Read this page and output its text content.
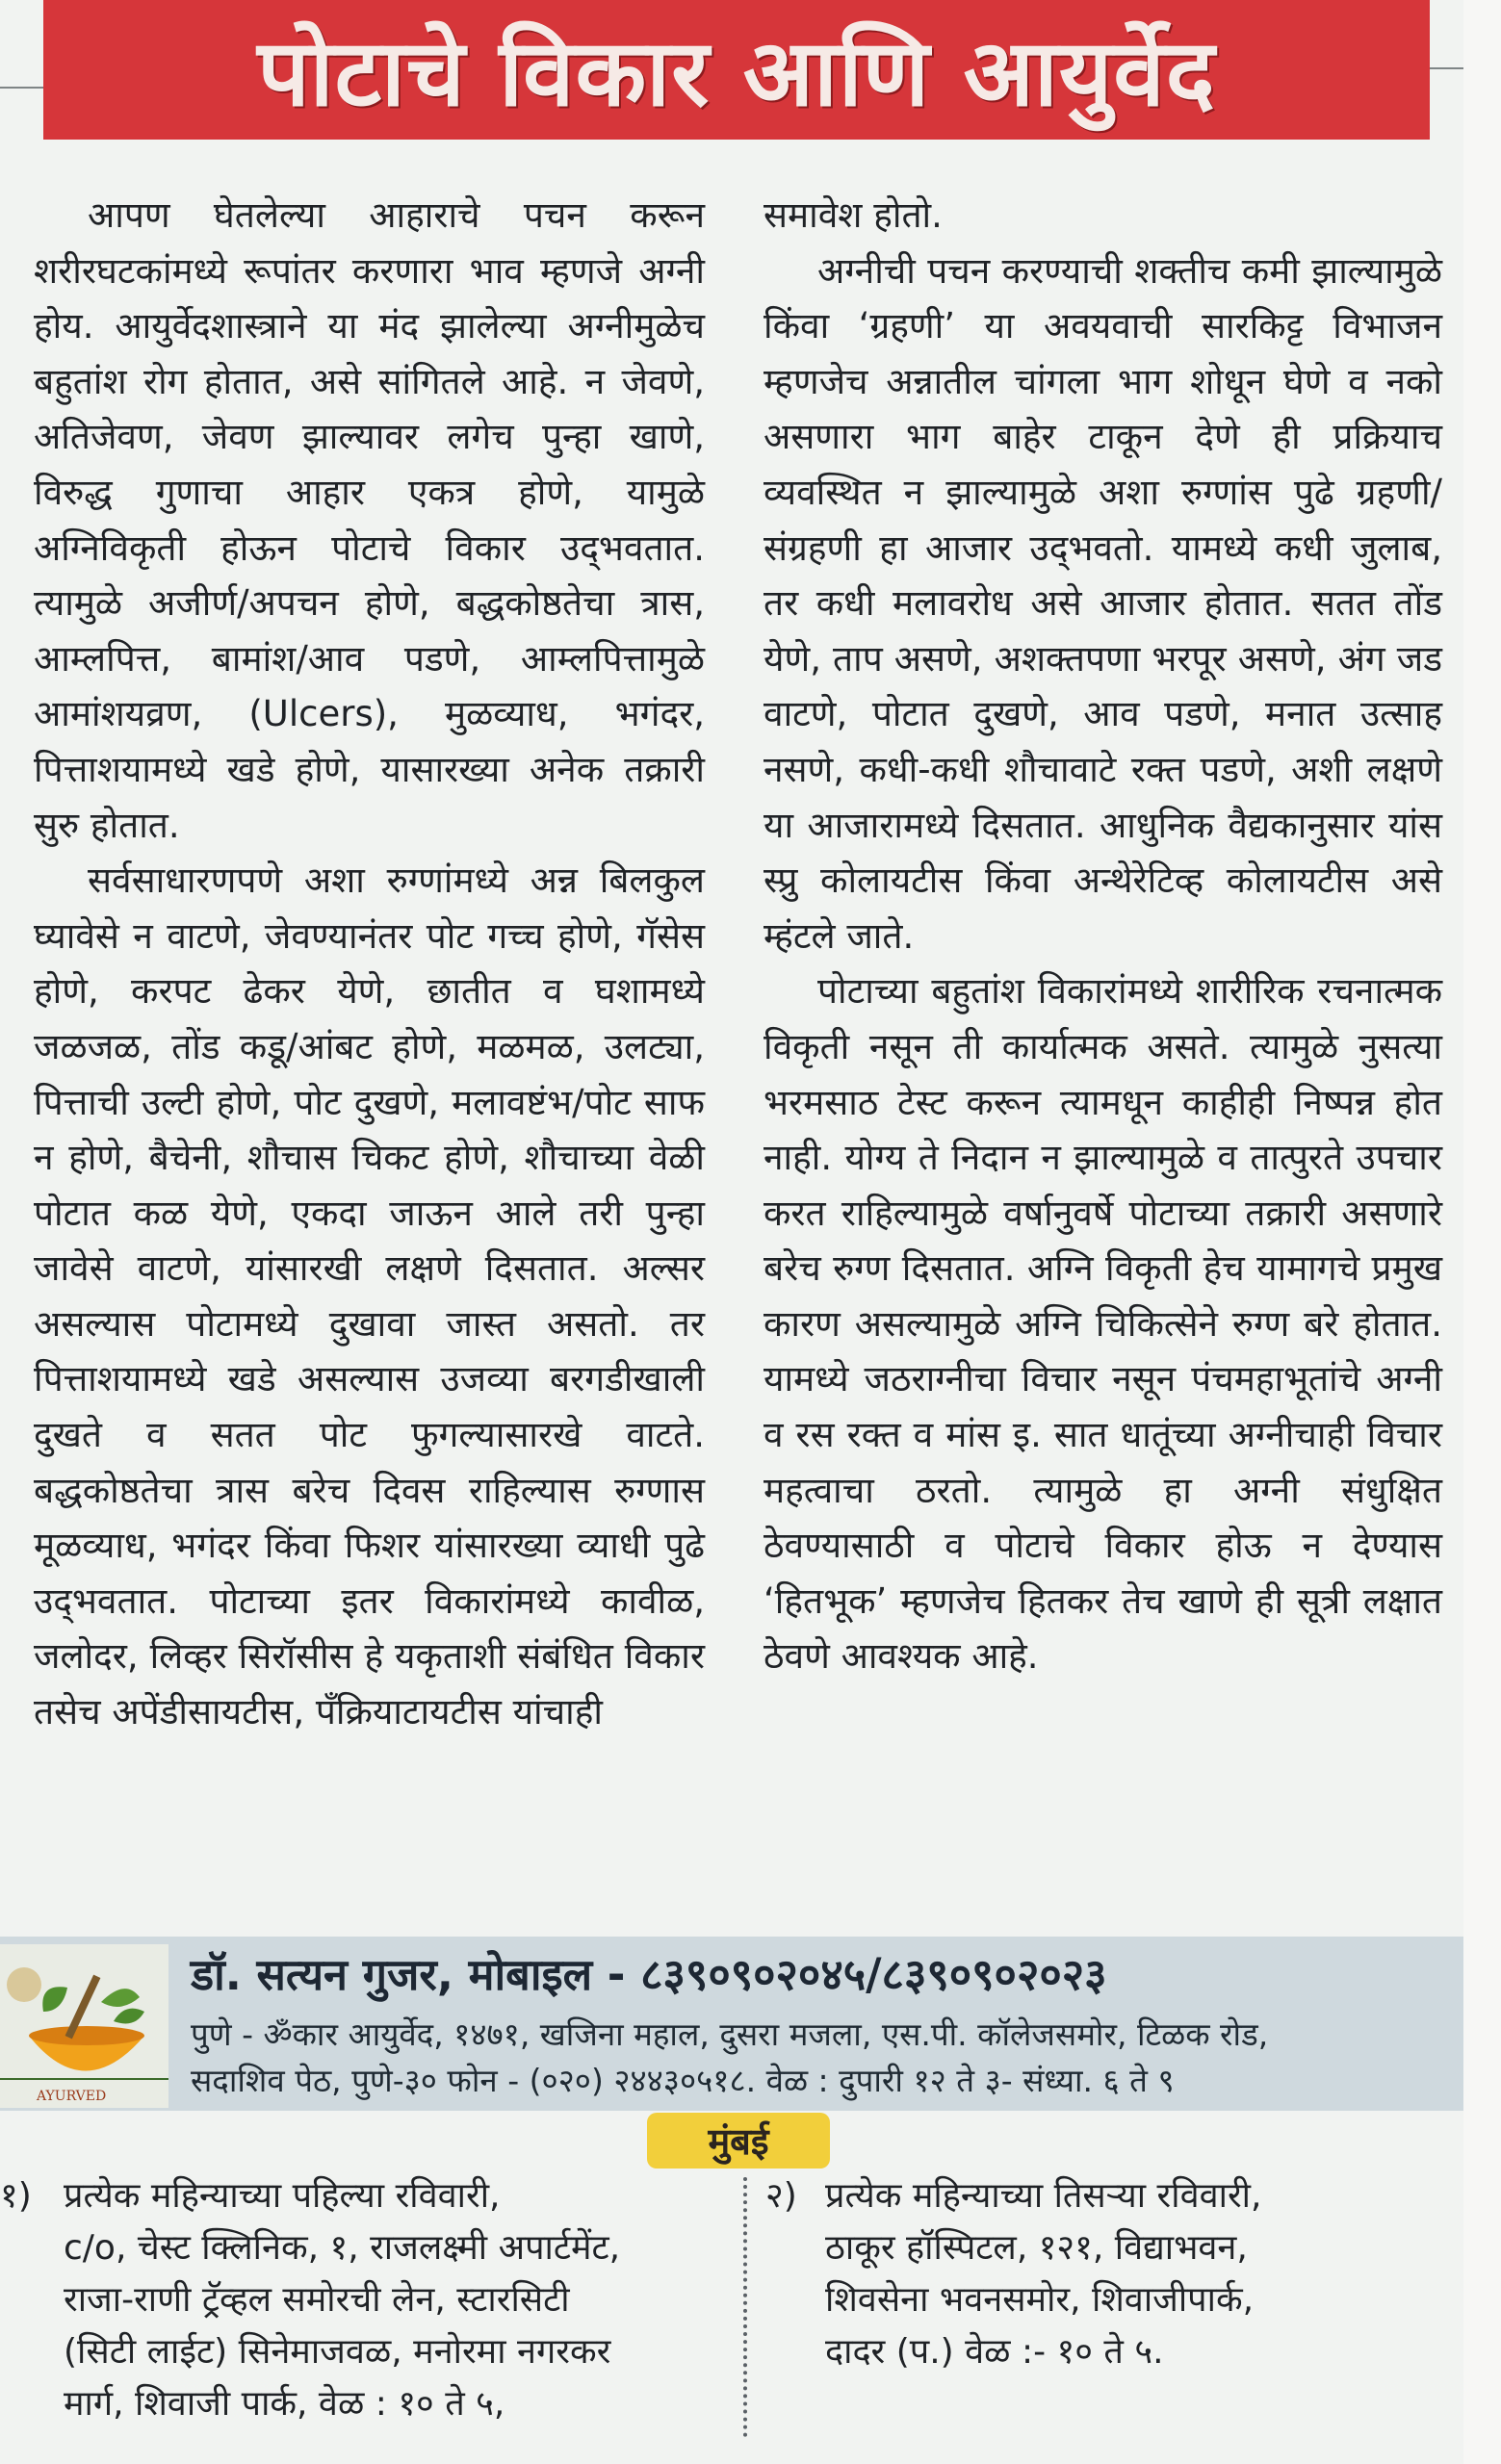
पोटाचे विकार आणि आयुर्वेद

आपण घेतलेल्या आहाराचे पचन करून शरीरघटकांमध्ये रूपांतर करणारा भाव म्हणजे अग्नी होय. आयुर्वेदशास्त्राने या मंद झालेल्या अग्नीमुळेच बहुतांश रोग होतात, असे सांगितले आहे. न जेवणे, अतिजेवण, जेवण झाल्यावर लगेच पुन्हा खाणे, विरुद्ध गुणाचा आहार एकत्र होणे, यामुळे अग्निविकृती होऊन पोटाचे विकार उद्‌भवतात. त्यामुळे अजीर्ण/अपचन होणे, बद्धकोष्ठतेचा त्रास, आम्लपित्त, बामांश/आव पडणे, आम्लपित्तामुळे आमांशयव्रण, (Ulcers), मुळव्याध, भगंदर, पित्ताशयामध्ये खडे होणे, यासारख्या अनेक तक्रारी सुरु होतात.

सर्वसाधारणपणे अशा रुग्णांमध्ये अन्न बिलकुल घ्यावेसे न वाटणे, जेवण्यानंतर पोट गच्च होणे, गॅसेस होणे, करपट ढेकर येणे, छातीत व घशामध्ये जळजळ, तोंड कडू/आंबट होणे, मळमळ, उलट्या, पित्ताची उल्टी होणे, पोट दुखणे, मलावष्टंभ/पोट साफ न होणे, बैचेनी, शौचास चिकट होणे, शौचाच्या वेळी पोटात कळ येणे, एकदा जाऊन आले तरी पुन्हा जावेसे वाटणे, यांसारखी लक्षणे दिसतात. अल्सर असल्यास पोटामध्ये दुखावा जास्त असतो. तर पित्ताशयामध्ये खडे असल्यास उजव्या बरगडीखाली दुखते व सतत पोट फुगल्यासारखे वाटते. बद्धकोष्ठतेचा त्रास बरेच दिवस राहिल्यास रुग्णास मूळव्याध, भगंदर किंवा फिशर यांसारख्या व्याधी पुढे उद्‌भवतात. पोटाच्या इतर विकारांमध्ये कावीळ, जलोदर, लिव्हर सिरॉसीस हे यकृताशी संबंधित विकार तसेच अपेंडीसायटीस, पँक्रियाटायटीस यांचाही

समावेश होतो.

अग्नीची पचन करण्याची शक्तीच कमी झाल्यामुळे किंवा ‘ग्रहणी’ या अवयवाची सारकिट्ट विभाजन म्हणजेच अन्नातील चांगला भाग शोधून घेणे व नको असणारा भाग बाहेर टाकून देणे ही प्रक्रियाच व्यवस्थित न झाल्यामुळे अशा रुग्णांस पुढे ग्रहणी/संग्रहणी हा आजार उद्‌भवतो. यामध्ये कधी जुलाब, तर कधी मलावरोध असे आजार होतात. सतत तोंड येणे, ताप असणे, अशक्तपणा भरपूर असणे, अंग जड वाटणे, पोटात दुखणे, आव पडणे, मनात उत्साह नसणे, कधी-कधी शौचावाटे रक्त पडणे, अशी लक्षणे या आजारामध्ये दिसतात. आधुनिक वैद्यकानुसार यांस स्प्रु कोलायटीस किंवा अन्थेरेटिव्ह कोलायटीस असे म्हंटले जाते.

पोटाच्या बहुतांश विकारांमध्ये शारीरिक रचनात्मक विकृती नसून ती कार्यात्मक असते. त्यामुळे नुसत्या भरमसाठ टेस्ट करून त्यामधून काहीही निष्पन्न होत नाही. योग्य ते निदान न झाल्यामुळे व तात्पुरते उपचार करत राहिल्यामुळे वर्षानुवर्षे पोटाच्या तक्रारी असणारे बरेच रुग्ण दिसतात. अग्नि विकृती हेच यामागचे प्रमुख कारण असल्यामुळे अग्नि चिकित्सेने रुग्ण बरे होतात. यामध्ये जठराग्नीचा विचार नसून पंचमहाभूतांचे अग्नी व रस रक्त व मांस इ. सात धातूंच्या अग्नीचाही विचार महत्वाचा ठरतो. त्यामुळे हा अग्नी संधुक्षित ठेवण्यासाठी व पोटाचे विकार होऊ न देण्यास ‘हितभूक’ म्हणजेच हितकर तेच खाणे ही सूत्री लक्षात ठेवणे आवश्यक आहे.

AYURVED
डॉ. सत्यन गुजर, मोबाइल - ८३९०९०२०४५/८३९०९०२०२३
पुणे - ॐकार आयुर्वेद, १४७१, खजिना महाल, दुसरा मजला, एस.पी. कॉलेजसमोर, टिळक रोड,
सदाशिव पेठ, पुणे-३० फोन - (०२०) २४४३०५१८. वेळ : दुपारी १२ ते ३- संध्या. ६ ते ९
मुंबई
१) प्रत्येक महिन्याच्या पहिल्या रविवारी,
c/o, चेस्ट क्लिनिक, १, राजलक्ष्मी अपार्टमेंट,
राजा-राणी ट्रॅव्हल समोरची लेन, स्टारसिटी
(सिटी लाईट) सिनेमाजवळ, मनोरमा नगरकर
मार्ग, शिवाजी पार्क, वेळ : १० ते ५,
२) प्रत्येक महिन्याच्या तिसऱ्या रविवारी,
ठाकूर हॉस्पिटल, १२१, विद्याभवन,
शिवसेना भवनसमोर, शिवाजीपार्क,
दादर (प.) वेळ :- १० ते ५.
